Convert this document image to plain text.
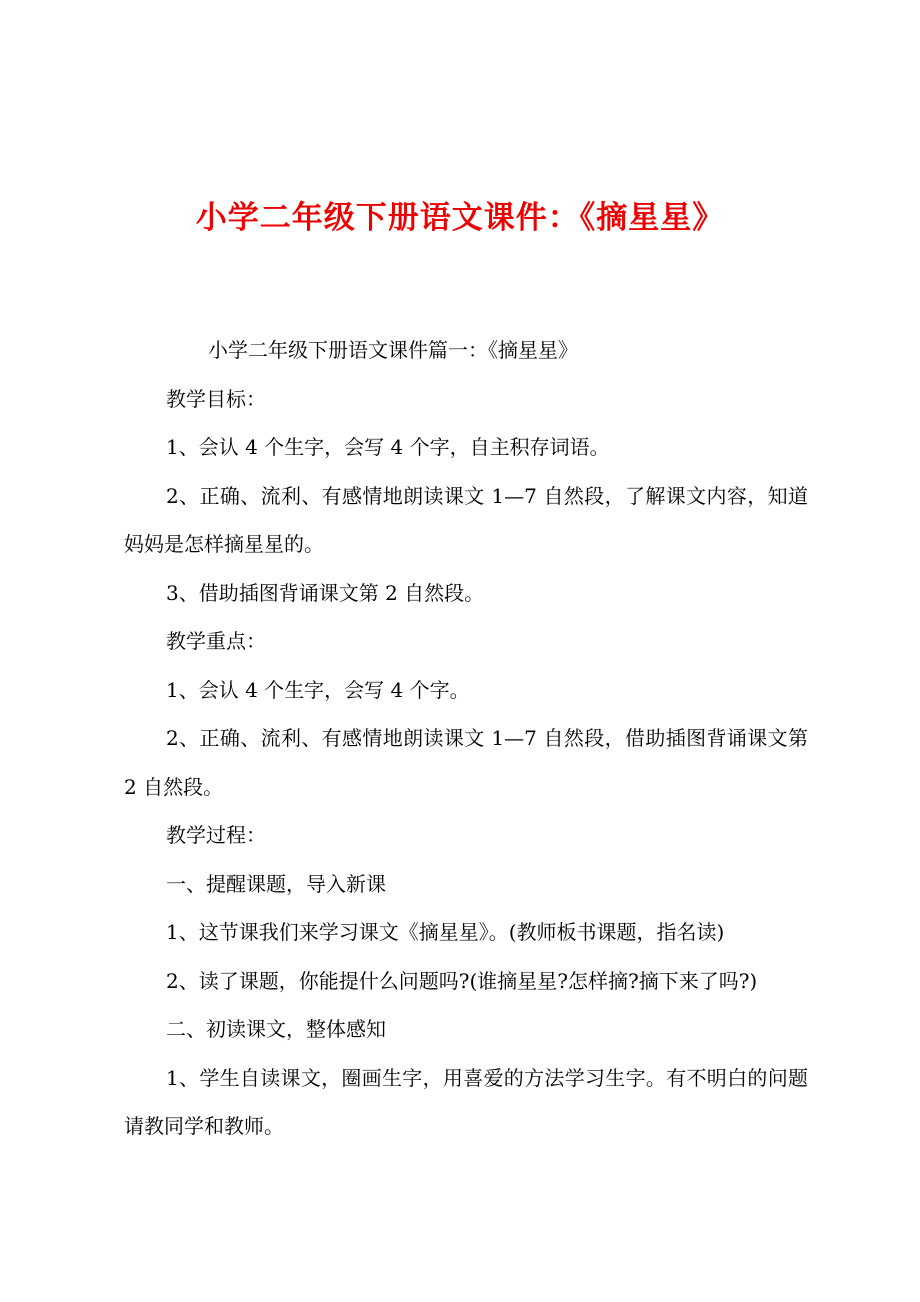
小学二年级下册语文课件：《摘星星》

小学二年级下册语文课件篇一：《摘星星》

教学目标：

1、会认 4 个生字，会写 4 个字，自主积存词语。

2、正确、流利、有感情地朗读课文 1—7 自然段，了解课文内容，知道妈妈是怎样摘星星的。

3、借助插图背诵课文第 2 自然段。

教学重点：

1、会认 4 个生字，会写 4 个字。

2、正确、流利、有感情地朗读课文 1—7 自然段，借助插图背诵课文第 2 自然段。

教学过程：

一、提醒课题，导入新课

1、这节课我们来学习课文《摘星星》。(教师板书课题，指名读)

2、读了课题，你能提什么问题吗?(谁摘星星?怎样摘?摘下来了吗?)

二、初读课文，整体感知

1、学生自读课文，圈画生字，用喜爱的方法学习生字。有不明白的问题请教同学和教师。
